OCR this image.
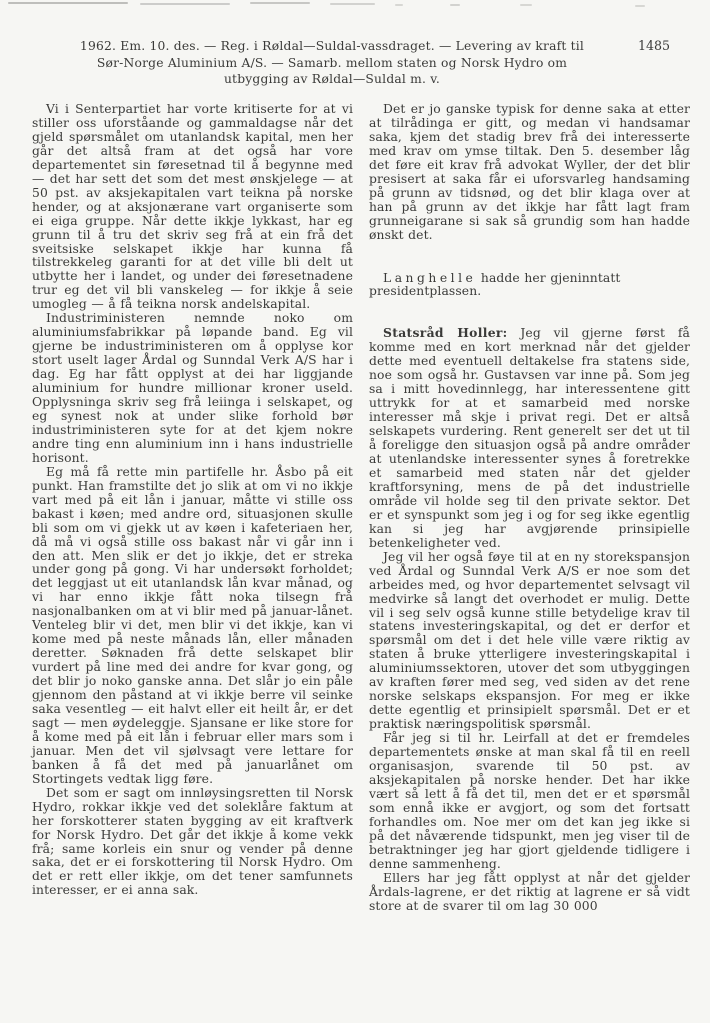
1962. Em. 10. des. — Reg. i Røldal—Suldal-vassdraget. — Levering av kraft til
Sør-Norge Aluminium A/S. — Samarb. mellom staten og Norsk Hydro om
utbygging av Røldal—Suldal m. v.
1485

Vi i Senterpartiet har vorte kritiserte for at vi stiller oss uforståande og gammaldagse når det gjeld spørsmålet om utanlandsk kapital, men her går det altså fram at det også har vore departementet sin føresetnad til å begynne med — det har sett det som det mest ønskjelege — at 50 pst. av aksjekapitalen vart teikna på norske hender, og at aksjonærane vart organiserte som ei eiga gruppe. Når dette ikkje lykkast, har eg grunn til å tru det skriv seg frå at ein frå det sveitsiske selskapet ikkje har kunna få tilstrekkeleg garanti for at det ville bli delt ut utbytte her i landet, og under dei føresetnadene trur eg det vil bli vanskeleg — for ikkje å seie umogleg — å få teikna norsk andelskapital.

Industriministeren nemnde noko om aluminiumsfabrikkar på løpande band. Eg vil gjerne be industriministeren om å opplyse kor stort uselt lager Årdal og Sunndal Verk A/S har i dag. Eg har fått opplyst at dei har liggjande aluminium for hundre millionar kroner useld. Opplysninga skriv seg frå leiinga i selskapet, og eg synest nok at under slike forhold bør industriministeren syte for at det kjem nokre andre ting enn aluminium inn i hans industrielle horisont.

Eg må få rette min partifelle hr. Åsbo på eit punkt. Han framstilte det jo slik at om vi no ikkje vart med på eit lån i januar, måtte vi stille oss bakast i køen; med andre ord, situasjonen skulle bli som om vi gjekk ut av køen i kafeteriaen her, då må vi også stille oss bakast når vi går inn i den att. Men slik er det jo ikkje, det er streka under gong på gong. Vi har undersøkt forholdet; det leggjast ut eit utanlandsk lån kvar månad, og vi har enno ikkje fått noka tilsegn frå nasjonalbanken om at vi blir med på januar-lånet. Venteleg blir vi det, men blir vi det ikkje, kan vi kome med på neste månads lån, eller månaden deretter. Søknaden frå dette selskapet blir vurdert på line med dei andre for kvar gong, og det blir jo noko ganske anna. Det slår jo ein påle gjennom den påstand at vi ikkje berre vil seinke saka vesentleg — eit halvt eller eit heilt år, er det sagt — men øydeleggje. Sjansane er like store for å kome med på eit lån i februar eller mars som i januar. Men det vil sjølvsagt vere lettare for banken å få det med på januarlånet om Stortingets vedtak ligg føre.

Det som er sagt om innløysingsretten til Norsk Hydro, rokkar ikkje ved det soleklåre faktum at her forskotterer staten bygging av eit kraftverk for Norsk Hydro. Det går det ikkje å kome vekk frå; same korleis ein snur og vender på denne saka, det er ei forskottering til Norsk Hydro. Om det er rett eller ikkje, om det tener samfunnets interesser, er ei anna sak.

Det er jo ganske typisk for denne saka at etter at tilrådinga er gitt, og medan vi handsamar saka, kjem det stadig brev frå dei interesserte med krav om ymse tiltak. Den 5. desember låg det føre eit krav frå advokat Wyller, der det blir presisert at saka får ei uforsvarleg handsaming på grunn av tidsnød, og det blir klaga over at han på grunn av det ikkje har fått lagt fram grunneigarane si sak så grundig som han hadde ønskt det.

Langhelle hadde her gjeninntatt presidentplassen.

Statsråd Holler: Jeg vil gjerne først få komme med en kort merknad når det gjelder dette med eventuell deltakelse fra statens side, noe som også hr. Gustavsen var inne på. Som jeg sa i mitt hovedinnlegg, har interessentene gitt uttrykk for at et samarbeid med norske interesser må skje i privat regi. Det er altså selskapets vurdering. Rent generelt ser det ut til å foreligge den situasjon også på andre områder at utenlandske interessenter synes å foretrekke et samarbeid med staten når det gjelder kraftforsyning, mens de på det industrielle område vil holde seg til den private sektor. Det er et synspunkt som jeg i og for seg ikke egentlig kan si jeg har avgjørende prinsipielle betenkeligheter ved.

Jeg vil her også føye til at en ny storekspansjon ved Årdal og Sunndal Verk A/S er noe som det arbeides med, og hvor departementet selvsagt vil medvirke så langt det overhodet er mulig. Dette vil i seg selv også kunne stille betydelige krav til statens investeringskapital, og det er derfor et spørsmål om det i det hele ville være riktig av staten å bruke ytterligere investeringskapital i aluminiumssektoren, utover det som utbyggingen av kraften fører med seg, ved siden av det rene norske selskaps ekspansjon. For meg er ikke dette egentlig et prinsipielt spørsmål. Det er et praktisk næringspolitisk spørsmål.

Får jeg si til hr. Leirfall at det er fremdeles departementets ønske at man skal få til en reell organisasjon, svarende til 50 pst. av aksjekapitalen på norske hender. Det har ikke vært så lett å få det til, men det er et spørsmål som ennå ikke er avgjort, og som det fortsatt forhandles om. Noe mer om det kan jeg ikke si på det nåværende tidspunkt, men jeg viser til de betraktninger jeg har gjort gjeldende tidligere i denne sammenheng.

Ellers har jeg fått opplyst at når det gjelder Årdals-lagrene, er det riktig at lagrene er så vidt store at de svarer til om lag 30 000
